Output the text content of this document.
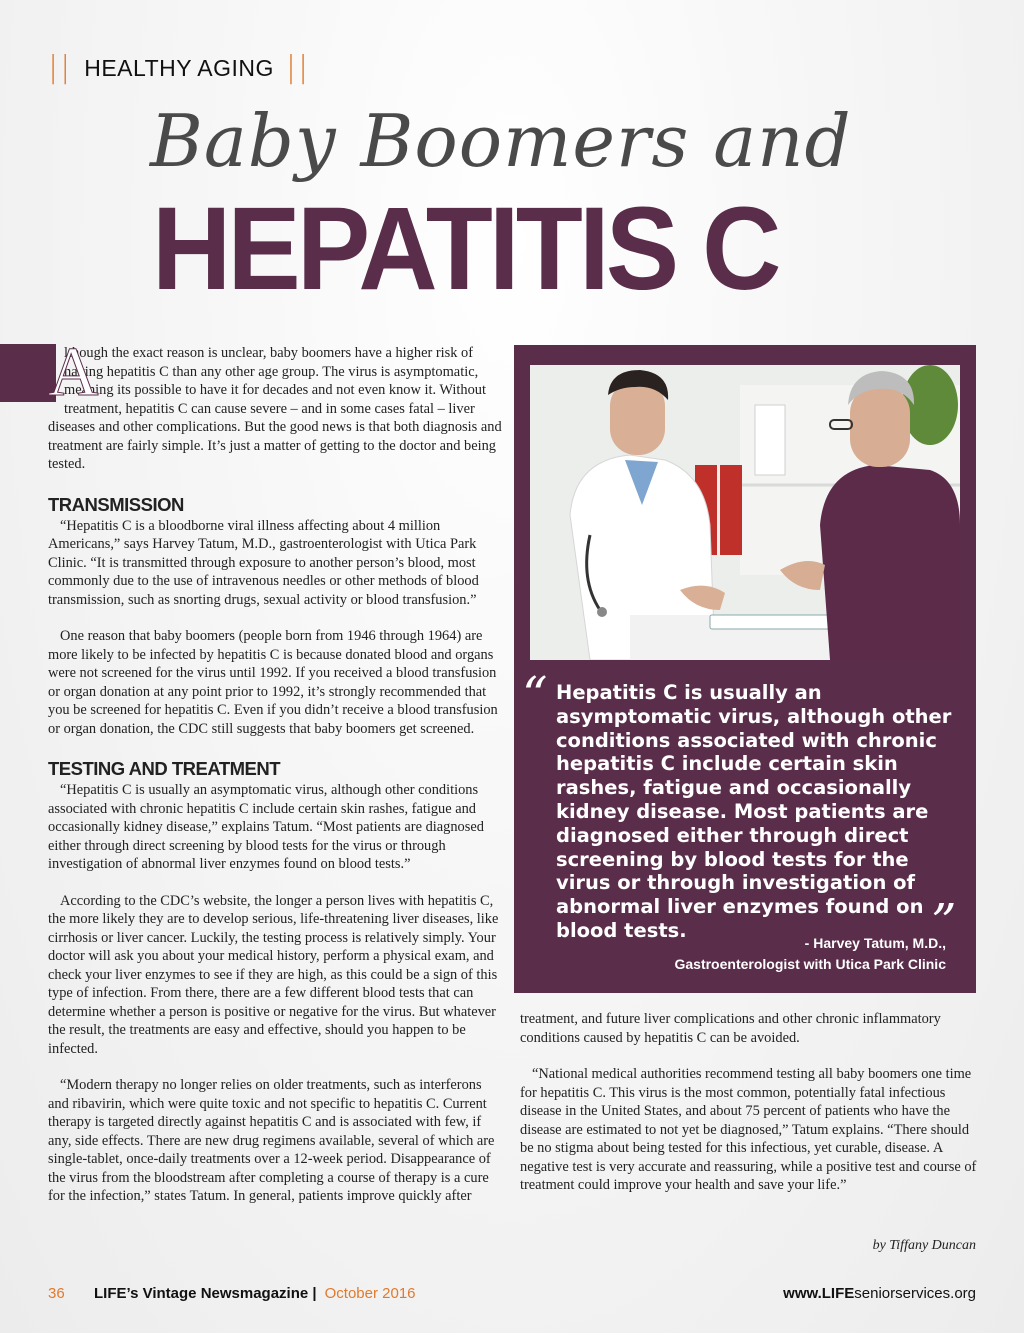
|| HEALTHY AGING ||
Baby Boomers and
HEPATITIS C

A
lthough the exact reason is unclear, baby boomers have a higher risk of having hepatitis C than any other age group. The virus is asymptomatic, meaning its possible to have it for decades and not even know it. Without treatment, hepatitis C can cause severe – and in some cases fatal – liver diseases and other complications. But the good news is that both diagnosis and treatment are fairly simple. It’s just a matter of getting to the doctor and being tested.

TRANSMISSION

“Hepatitis C is a bloodborne viral illness affecting about 4 million Americans,” says Harvey Tatum, M.D., gastroenterologist with Utica Park Clinic. “It is transmitted through exposure to another person’s blood, most commonly due to the use of intravenous needles or other methods of blood transmission, such as snorting drugs, sexual activity or blood transfusion.”

One reason that baby boomers (people born from 1946 through 1964) are more likely to be infected by hepatitis C is because donated blood and organs were not screened for the virus until 1992. If you received a blood transfusion or organ donation at any point prior to 1992, it’s strongly recommended that you be screened for hepatitis C. Even if you didn’t receive a blood transfusion or organ donation, the CDC still suggests that baby boomers get screened.

TESTING AND TREATMENT

“Hepatitis C is usually an asymptomatic virus, although other conditions associated with chronic hepatitis C include certain skin rashes, fatigue and occasionally kidney disease,” explains Tatum. “Most patients are diagnosed either through direct screening by blood tests for the virus or through investigation of abnormal liver enzymes found on blood tests.”

According to the CDC’s website, the longer a person lives with hepatitis C, the more likely they are to develop serious, life-threatening liver diseases, like cirrhosis or liver cancer. Luckily, the testing process is relatively simply. Your doctor will ask you about your medical history, perform a physical exam, and check your liver enzymes to see if they are high, as this could be a sign of this type of infection. From there, there are a few different blood tests that can determine whether a person is positive or negative for the virus. But whatever the result, the treatments are easy and effective, should you happen to be infected.

“Modern therapy no longer relies on older treatments, such as interferons and ribavirin, which were quite toxic and not specific to hepatitis C. Current therapy is targeted directly against hepatitis C and is associated with few, if any, side effects. There are new drug regimens available, several of which are single-tablet, once-daily treatments over a 12-week period. Disappearance of the virus from the bloodstream after completing a course of therapy is a cure for the infection,” states Tatum. In general, patients improve quickly after

“ Hepatitis C is usually an asymptomatic virus, although other conditions associated with chronic hepatitis C include certain skin rashes, fatigue and occasionally kidney disease. Most patients are diagnosed either through direct screening by blood tests for the virus or through investigation of abnormal liver enzymes found on blood tests.	”
- Harvey Tatum, M.D.,
Gastroenterologist with Utica Park Clinic

treatment, and future liver complications and other chronic inflammatory conditions caused by hepatitis C can be avoided.

“National medical authorities recommend testing all baby boomers one time for hepatitis C. This virus is the most common, potentially fatal infectious disease in the United States, and about 75 percent of patients who have the disease are estimated to not yet be diagnosed,” Tatum explains. “There should be no stigma about being tested for this infectious, yet curable, disease. A negative test is very accurate and reassuring, while a positive test and course of treatment could improve your health and save your life.”

by Tiffany Duncan
36	LIFE’s Vintage Newsmagazine | October 2016	www.LIFEseniorservices.org
